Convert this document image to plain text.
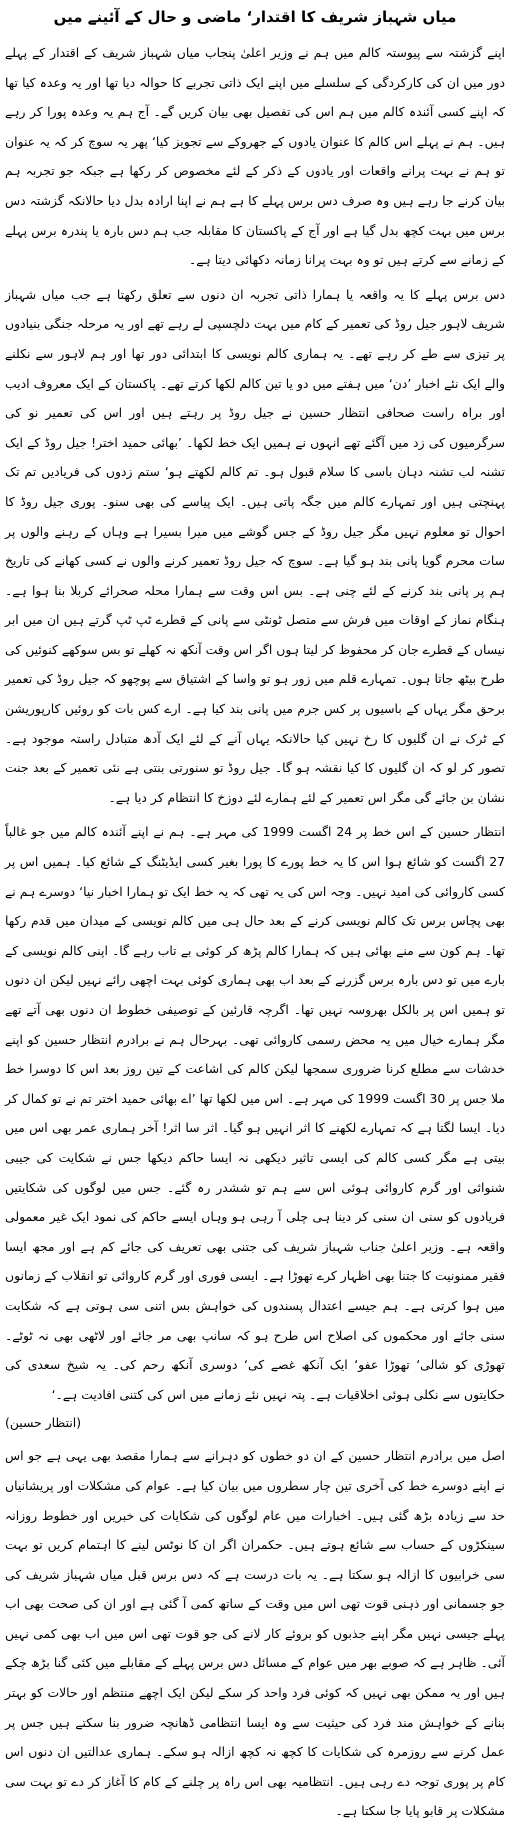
میاں شہباز شریف کا اقتدار‘ ماضی و حال کے آئینے میں

اپنے گزشتہ سے پیوستہ کالم میں ہم نے وزیر اعلیٰ پنجاب میاں شہباز شریف کے اقتدار کے پہلے دور میں ان کی کارکردگی کے سلسلے میں اپنے ایک ذاتی تجربے کا حوالہ دیا تھا اور یہ وعدہ کیا تھا کہ اپنے کسی آئندہ کالم میں ہم اس کی تفصیل بھی بیان کریں گے۔ آج ہم یہ وعدہ پورا کر رہے ہیں۔ ہم نے پہلے اس کالم کا عنوان یادوں کے جھروکے سے تجویز کیا‘ پھر یہ سوچ کر کہ یہ عنوان تو ہم نے بہت پرانے واقعات اور یادوں کے ذکر کے لئے مخصوص کر رکھا ہے جبکہ جو تجربہ ہم بیان کرنے جا رہے ہیں وہ صرف دس برس پہلے کا ہے ہم نے اپنا ارادہ بدل دیا حالانکہ گزشتہ دس برس میں بہت کچھ بدل گیا ہے اور آج کے پاکستان کا مقابلہ جب ہم دس بارہ یا پندرہ برس پہلے کے زمانے سے کرتے ہیں تو وہ بہت پرانا زمانہ دکھائی دیتا ہے۔

دس برس پہلے کا یہ واقعہ یا ہمارا ذاتی تجربہ ان دنوں سے تعلق رکھتا ہے جب میاں شہباز شریف لاہور جیل روڈ کی تعمیر کے کام میں بہت دلچسپی لے رہے تھے اور یہ مرحلہ جنگی بنیادوں پر تیزی سے طے کر رہے تھے۔ یہ ہماری کالم نویسی کا ابتدائی دور تھا اور ہم لاہور سے نکلنے والے ایک نئے اخبار ’دن‘ میں ہفتے میں دو یا تین کالم لکھا کرتے تھے۔ پاکستان کے ایک معروف ادیب اور براہ راست صحافی انتظار حسین نے جیل روڈ پر رہتے ہیں اور اس کی تعمیر نو کی سرگرمیوں کی زد میں آگئے تھے انہوں نے ہمیں ایک خط لکھا۔ ’بھائی حمید اختر! جیل روڈ کے ایک تشنہ لب تشنہ دہان باسی کا سلام قبول ہو۔ تم کالم لکھتے ہو‘ ستم زدوں کی فریادیں تم تک پہنچتی ہیں اور تمہارے کالم میں جگہ پاتی ہیں۔ ایک پیاسے کی بھی سنو۔ پوری جیل روڈ کا احوال تو معلوم نہیں مگر جیل روڈ کے جس گوشے میں میرا بسیرا ہے وہاں کے رہنے والوں پر سات محرم گویا پانی بند ہو گیا ہے۔ سوچ کہ جیل روڈ تعمیر کرنے والوں نے کسی کھانے کی تاریخ ہم پر پانی بند کرنے کے لئے چنی ہے۔ بس اس وقت سے ہمارا محلہ صحرائے کربلا بنا ہوا ہے۔ ہنگام نماز کے اوقات میں فرش سے متصل ٹونٹی سے پانی کے قطرے ٹپ ٹپ گرتے ہیں ان میں ابر نیساں کے قطرے جان کر محفوظ کر لیتا ہوں اگر اس وقت آنکھ نہ کھلے تو بس سوکھے کنوئیں کی طرح بیٹھ جاتا ہوں۔ تمہارے قلم میں زور ہو تو واسا کے اشتیاق سے پوچھو کہ جیل روڈ کی تعمیر برحق مگر یہاں کے باسیوں پر کس جرم میں پانی بند کیا ہے۔ ارے کس بات کو روئیں کارپوریشن کے ٹرک نے ان گلیوں کا رخ نہیں کیا حالانکہ یہاں آنے کے لئے ایک آدھ متبادل راستہ موجود ہے۔ تصور کر لو کہ ان گلیوں کا کیا نقشہ ہو گا۔ جیل روڈ تو سنورتی بنتی ہے نئی تعمیر کے بعد جنت نشان بن جائے گی مگر اس تعمیر کے لئے ہمارے لئے دوزخ کا انتظام کر دیا ہے۔

انتظار حسین کے اس خط پر 24 اگست 1999 کی مہر ہے۔ ہم نے اپنے آئندہ کالم میں جو غالباً 27 اگست کو شائع ہوا اس کا یہ خط پورے کا پورا بغیر کسی ایڈیٹنگ کے شائع کیا۔ ہمیں اس پر کسی کاروائی کی امید نہیں۔ وجہ اس کی یہ تھی کہ یہ خط ایک تو ہمارا اخبار نیا‘ دوسرے ہم نے بھی پچاس برس تک کالم نویسی کرنے کے بعد حال ہی میں کالم نویسی کے میدان میں قدم رکھا تھا۔ ہم کون سے منے بھائی ہیں کہ ہمارا کالم پڑھ کر کوئی بے تاب رہے گا۔ اپنی کالم نویسی کے بارے میں تو دس بارہ برس گزرنے کے بعد اب بھی ہماری کوئی بہت اچھی رائے نہیں لیکن ان دنوں تو ہمیں اس پر بالکل بھروسہ نہیں تھا۔ اگرچہ قارئین کے توصیفی خطوط ان دنوں بھی آتے تھے مگر ہمارے خیال میں یہ محض رسمی کاروائی تھی۔ بہرحال ہم نے برادرم انتظار حسین کو اپنے خدشات سے مطلع کرنا ضروری سمجھا لیکن کالم کی اشاعت کے تین روز بعد اس کا دوسرا خط ملا جس پر 30 اگست 1999 کی مہر ہے۔ اس میں لکھا تھا ’اے بھائی حمید اختر تم نے تو کمال کر دیا۔ ایسا لگتا ہے کہ تمہارے لکھنے کا اثر انہیں ہو گیا۔ اثر سا اثر! آخر ہماری عمر بھی اس میں بیتی ہے مگر کسی کالم کی ایسی تاثیر دیکھی نہ ایسا حاکم دیکھا جس نے شکایت کی جیبی شنوائی اور گرم کاروائی ہوئی اس سے ہم تو ششدر رہ گئے۔ جس میں لوگوں کی شکایتیں فریادوں کو سنی ان سنی کر دینا ہی چلی آ رہی ہو وہاں ایسے حاکم کی نمود ایک غیر معمولی واقعہ ہے۔ وزیر اعلیٰ جناب شہباز شریف کی جتنی بھی تعریف کی جائے کم ہے اور مجھ ایسا فقیر ممنونیت کا جتنا بھی اظہار کرے تھوڑا ہے۔ ایسی فوری اور گرم کاروائی تو انقلاب کے زمانوں میں ہوا کرتی ہے۔ ہم جیسے اعتدال پسندوں کی خواہش بس اتنی سی ہوتی ہے کہ شکایت سنی جائے اور محکموں کی اصلاح اس طرح ہو کہ سانپ بھی مر جائے اور لاٹھی بھی نہ ٹوٹے۔ تھوڑی کو شالی‘ تھوڑا عفو‘ ایک آنکھ غصے کی‘ دوسری آنکھ رحم کی۔ یہ شیخ سعدی کی حکایتوں سے نکلی ہوئی اخلاقیات ہے۔ پتہ نہیں نئے زمانے میں اس کی کتنی افادیت ہے۔‘

(انتظار حسین)

اصل میں برادرم انتظار حسین کے ان دو خطوں کو دہرانے سے ہمارا مقصد بھی یہی ہے جو اس نے اپنے دوسرے خط کی آخری تین چار سطروں میں بیان کیا ہے۔ عوام کی مشکلات اور پریشانیاں حد سے زیادہ بڑھ گئی ہیں۔ اخبارات میں عام لوگوں کی شکایات کی خبریں اور خطوط روزانہ سینکڑوں کے حساب سے شائع ہوتے ہیں۔ حکمران اگر ان کا نوٹس لینے کا اہتمام کریں تو بہت سی خرابیوں کا ازالہ ہو سکتا ہے۔ یہ بات درست ہے کہ دس برس قبل میاں شہباز شریف کی جو جسمانی اور ذہنی قوت تھی اس میں وقت کے ساتھ کمی آ گئی ہے اور ان کی صحت بھی اب پہلے جیسی نہیں مگر اپنے جذبوں کو بروئے کار لانے کی جو قوت تھی اس میں اب بھی کمی نہیں آئی۔ ظاہر ہے کہ صوبے بھر میں عوام کے مسائل دس برس پہلے کے مقابلے میں کئی گنا بڑھ چکے ہیں اور یہ ممکن بھی نہیں کہ کوئی فرد واحد کر سکے لیکن ایک اچھے منتظم اور حالات کو بہتر بنانے کے خواہش مند فرد کی حیثیت سے وہ ایسا انتظامی ڈھانچہ ضرور بنا سکتے ہیں جس پر عمل کرنے سے روزمرہ کی شکایات کا کچھ نہ کچھ ازالہ ہو سکے۔ ہماری عدالتیں ان دنوں اس کام پر پوری توجہ دے رہی ہیں۔ انتظامیہ بھی اس راہ پر چلنے کے کام کا آغاز کر دے تو بہت سی مشکلات پر قابو پایا جا سکتا ہے۔
